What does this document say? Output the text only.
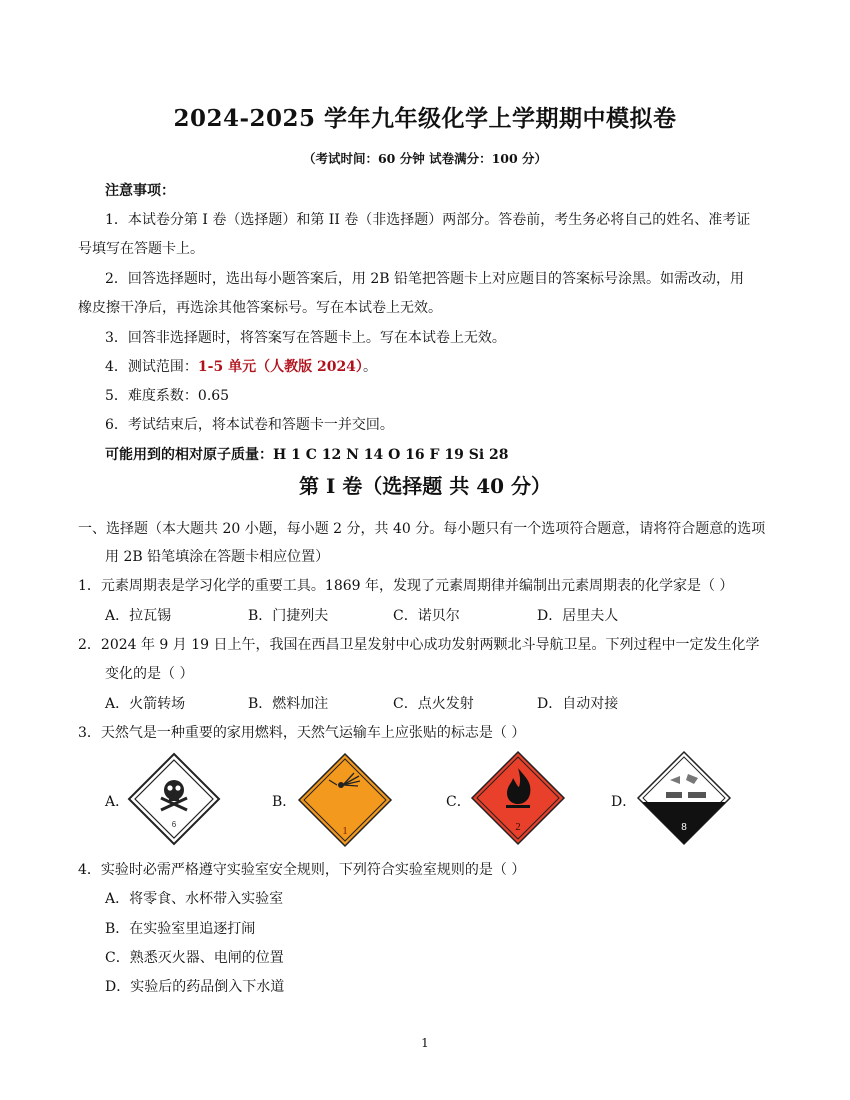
2024-2025 学年九年级化学上学期期中模拟卷
（考试时间：60 分钟 试卷满分：100 分）
注意事项：
1．本试卷分第 I 卷（选择题）和第 II 卷（非选择题）两部分。答卷前，考生务必将自己的姓名、准考证
号填写在答题卡上。
2．回答选择题时，选出每小题答案后，用 2B 铅笔把答题卡上对应题目的答案标号涂黑。如需改动，用
橡皮擦干净后，再选涂其他答案标号。写在本试卷上无效。
3．回答非选择题时，将答案写在答题卡上。写在本试卷上无效。
4．测试范围：1-5 单元（人教版 2024）。
5．难度系数：0.65
6．考试结束后，将本试卷和答题卡一并交回。
可能用到的相对原子质量：H 1 C 12 N 14 O 16 F 19 Si 28
第 I 卷（选择题 共 40 分）
一、选择题（本大题共 20 小题，每小题 2 分，共 40 分。每小题只有一个选项符合题意，请将符合题意的选项
用 2B 铅笔填涂在答题卡相应位置）
1．元素周期表是学习化学的重要工具。1869 年，发现了元素周期律并编制出元素周期表的化学家是（ ）
A．拉瓦锡	B．门捷列夫	C．诺贝尔	D．居里夫人
2．2024 年 9 月 19 日上午，我国在西昌卫星发射中心成功发射两颗北斗导航卫星。下列过程中一定发生化学
变化的是（ ）
A．火箭转场	B．燃料加注	C．点火发射	D．自动对接
3．天然气是一种重要的家用燃料，天然气运输车上应张贴的标志是（ ）
A．
6
B．
1
C．
2
D．
8
4．实验时必需严格遵守实验室安全规则，下列符合实验室规则的是（ ）
A．将零食、水杯带入实验室
B．在实验室里追逐打闹
C．熟悉灭火器、电闸的位置
D．实验后的药品倒入下水道
1
